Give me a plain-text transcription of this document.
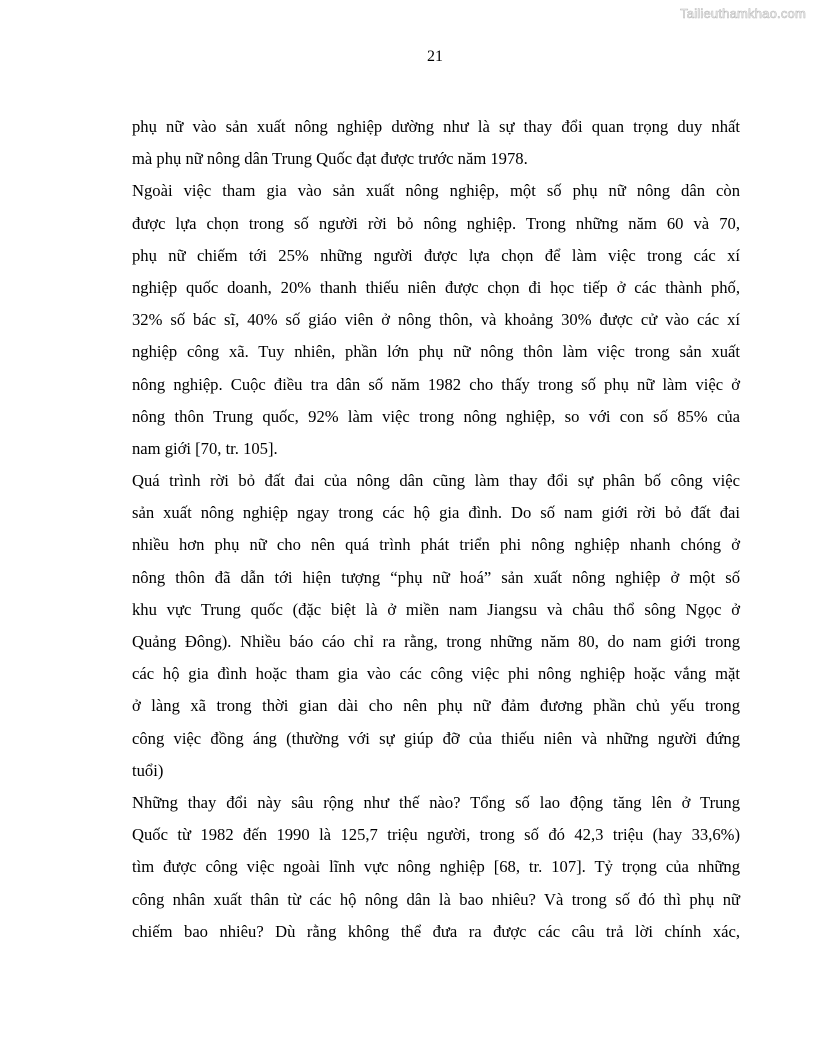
Tailieuthamkhao.com
21
phụ nữ vào sản xuất nông nghiệp dường như là sự thay đổi quan trọng duy nhất
mà phụ nữ nông dân Trung Quốc đạt được trước năm 1978.
Ngoài việc tham gia vào sản xuất nông nghiệp, một số phụ nữ nông dân còn
được lựa chọn trong số người rời bỏ nông nghiệp. Trong những năm 60 và 70,
phụ nữ chiếm tới 25% những người được lựa chọn để làm việc trong các xí
nghiệp quốc doanh, 20% thanh thiếu niên được chọn đi học tiếp ở các thành phố,
32% số bác sĩ, 40% số giáo viên ở nông thôn, và khoảng 30% được cử vào các xí
nghiệp công xã. Tuy nhiên, phần lớn phụ nữ nông thôn làm việc trong sản xuất
nông nghiệp. Cuộc điều tra dân số năm 1982 cho thấy trong số phụ nữ làm việc ở
nông thôn Trung quốc, 92% làm việc trong nông nghiệp, so với con số 85% của
nam giới [70, tr. 105].
Quá trình rời bỏ đất đai của nông dân cũng làm thay đổi sự phân bố công việc
sản xuất nông nghiệp ngay trong các hộ gia đình. Do số nam giới rời bỏ đất đai
nhiều hơn phụ nữ cho nên quá trình phát triển phi nông nghiệp nhanh chóng ở
nông thôn đã dẫn tới hiện tượng “phụ nữ hoá” sản xuất nông nghiệp ở một số
khu vực Trung quốc (đặc biệt là ở miền nam Jiangsu và châu thổ sông Ngọc ở
Quảng Đông). Nhiều báo cáo chỉ ra rằng, trong những năm 80, do nam giới trong
các hộ gia đình hoặc tham gia vào các công việc phi nông nghiệp hoặc vắng mặt
ở làng xã trong thời gian dài cho nên phụ nữ đảm đương phần chủ yếu trong
công việc đồng áng (thường với sự giúp đỡ của thiếu niên và những người đứng
tuổi)
Những thay đổi này sâu rộng như thế nào? Tổng số lao động tăng lên ở Trung
Quốc từ 1982 đến 1990 là 125,7 triệu người, trong số đó 42,3 triệu (hay 33,6%)
tìm được công việc ngoài lĩnh vực nông nghiệp [68, tr. 107]. Tỷ trọng của những
công nhân xuất thân từ các hộ nông dân là bao nhiêu? Và trong số đó thì phụ nữ
chiếm bao nhiêu? Dù rằng không thể đưa ra được các câu trả lời chính xác,
